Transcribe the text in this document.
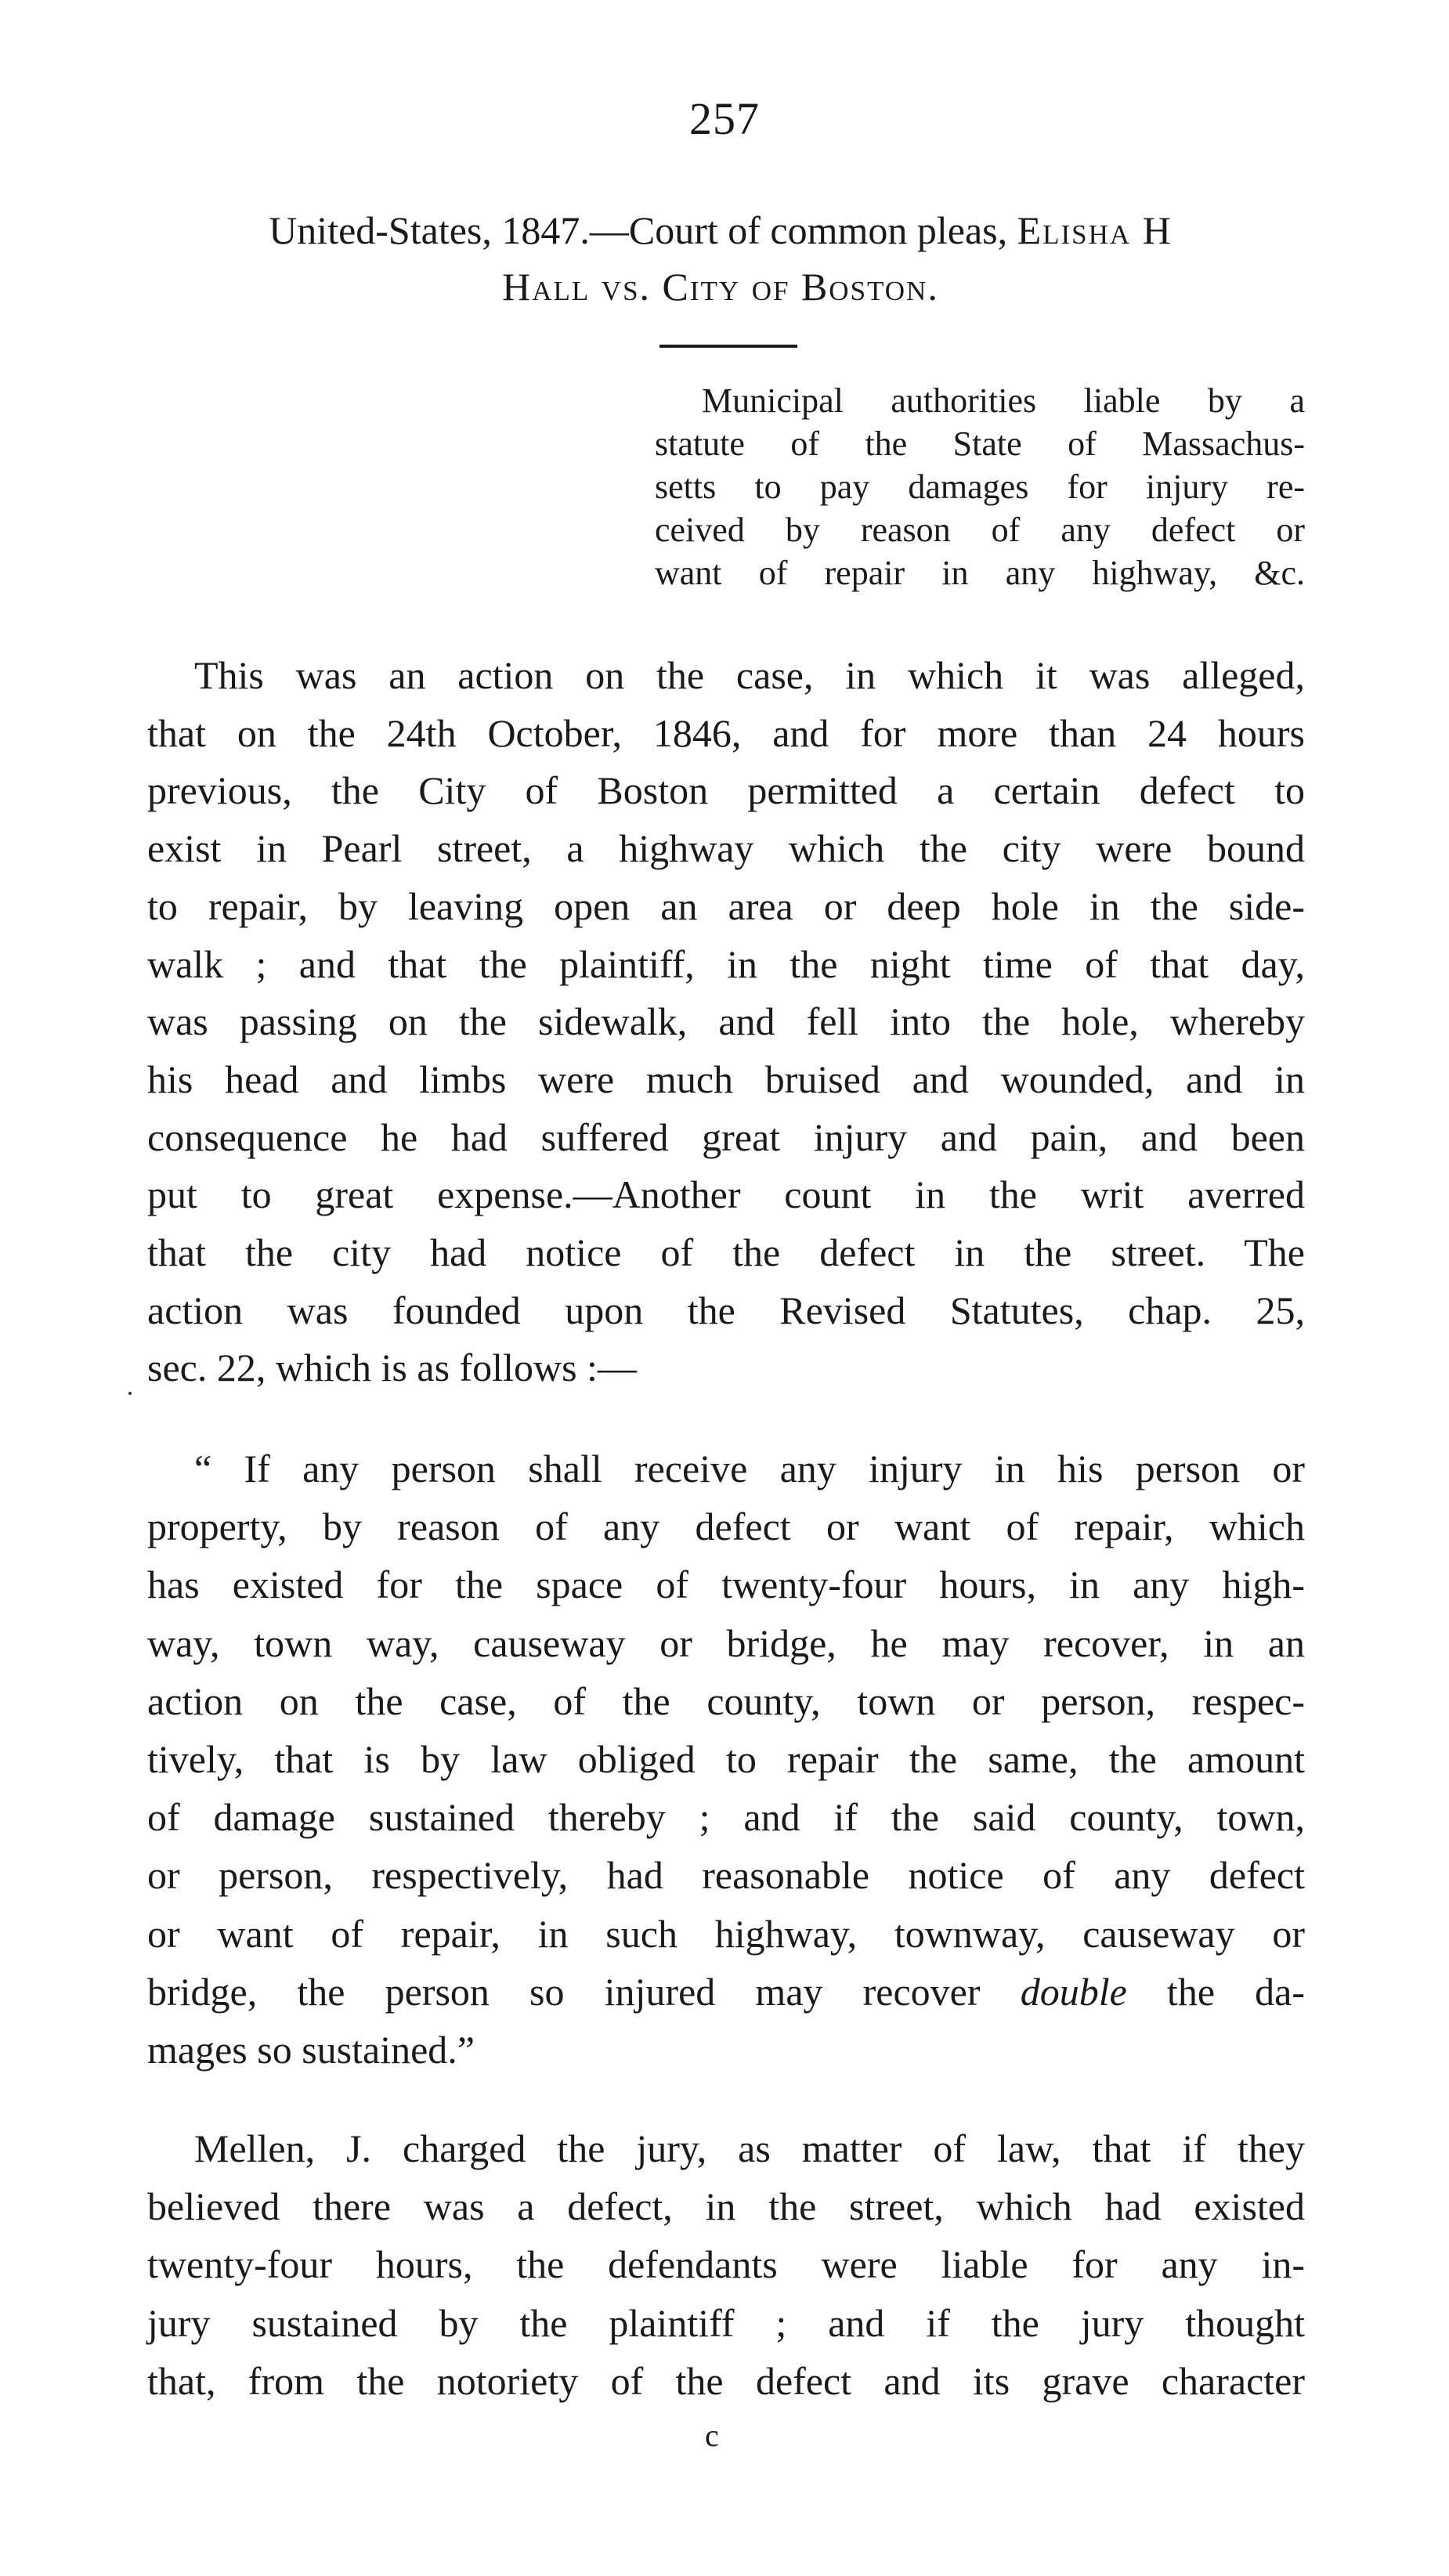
257
United-States, 1847.—Court of common pleas, Elisha H
Hall vs. City of Boston.
Municipal authorities liable by a
statute of the State of Massachus-
setts to pay damages for injury re-
ceived by reason of any defect or
want of repair in any highway, &c.
This was an action on the case, in which it was alleged,
that on the 24th October, 1846, and for more than 24 hours
previous, the City of Boston permitted a certain defect to
exist in Pearl street, a highway which the city were bound
to repair, by leaving open an area or deep hole in the side-
walk ; and that the plaintiff, in the night time of that day,
was passing on the sidewalk, and fell into the hole, whereby
his head and limbs were much bruised and wounded, and in
consequence he had suffered great injury and pain, and been
put to great expense.—Another count in the writ averred
that the city had notice of the defect in the street. The
action was founded upon the Revised Statutes, chap. 25,
sec. 22, which is as follows :—
“ If any person shall receive any injury in his person or
property, by reason of any defect or want of repair, which
has existed for the space of twenty-four hours, in any high-
way, town way, causeway or bridge, he may recover, in an
action on the case, of the county, town or person, respec-
tively, that is by law obliged to repair the same, the amount
of damage sustained thereby ; and if the said county, town,
or person, respectively, had reasonable notice of any defect
or want of repair, in such highway, townway, causeway or
bridge, the person so injured may recover double the da-
mages so sustained.”
Mellen, J. charged the jury, as matter of law, that if they
believed there was a defect, in the street, which had existed
twenty-four hours, the defendants were liable for any in-
jury sustained by the plaintiff ; and if the jury thought
that, from the notoriety of the defect and its grave character
c
